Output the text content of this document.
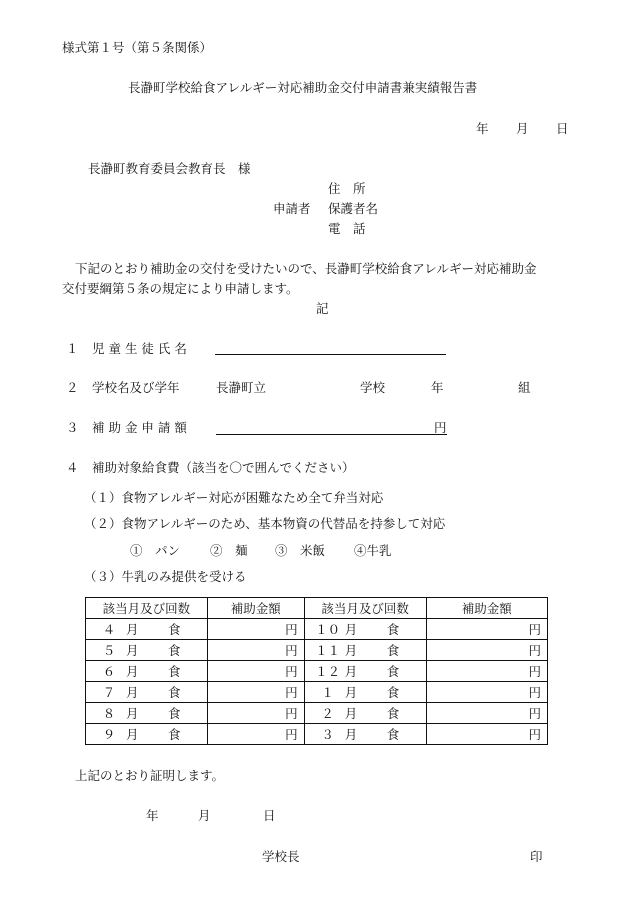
様式第１号（第５条関係）
長瀞町学校給食アレルギー対応補助金交付申請書兼実績報告書
年 月 日
長瀞町教育委員会教育長　様
住　所
申請者 保護者名
電　話
下記のとおり補助金の交付を受けたいので、長瀞町学校給食アレルギー対応補助金
交付要綱第５条の規定により申請します。
記
１ 児 童 生 徒 氏 名
２ 学校名及び学年	長瀞町立	学校	年	組
３ 補 助 金 申 請 額	円
４ 補助対象給食費（該当を〇で囲んでください）
（１）食物アレルギー対応が困難なため全て弁当対応
（２）食物アレルギーのため、基本物資の代替品を持参して対応
①　 パン ②　 麺 ③　 米飯 ④牛乳
（３）牛乳のみ提供を受ける
該当月及び回数	補助金額	該当月及び回数	補助金額
４ 月 食	円	１０ 月 食	円
５ 月 食	円	１１ 月 食	円
６ 月 食	円	１２ 月 食	円
７ 月 食	円	１ 月 食	円
８ 月 食	円	２ 月 食	円
９ 月 食	円	３ 月 食	円
上記のとおり証明します。
年	月	日
学校長	印
